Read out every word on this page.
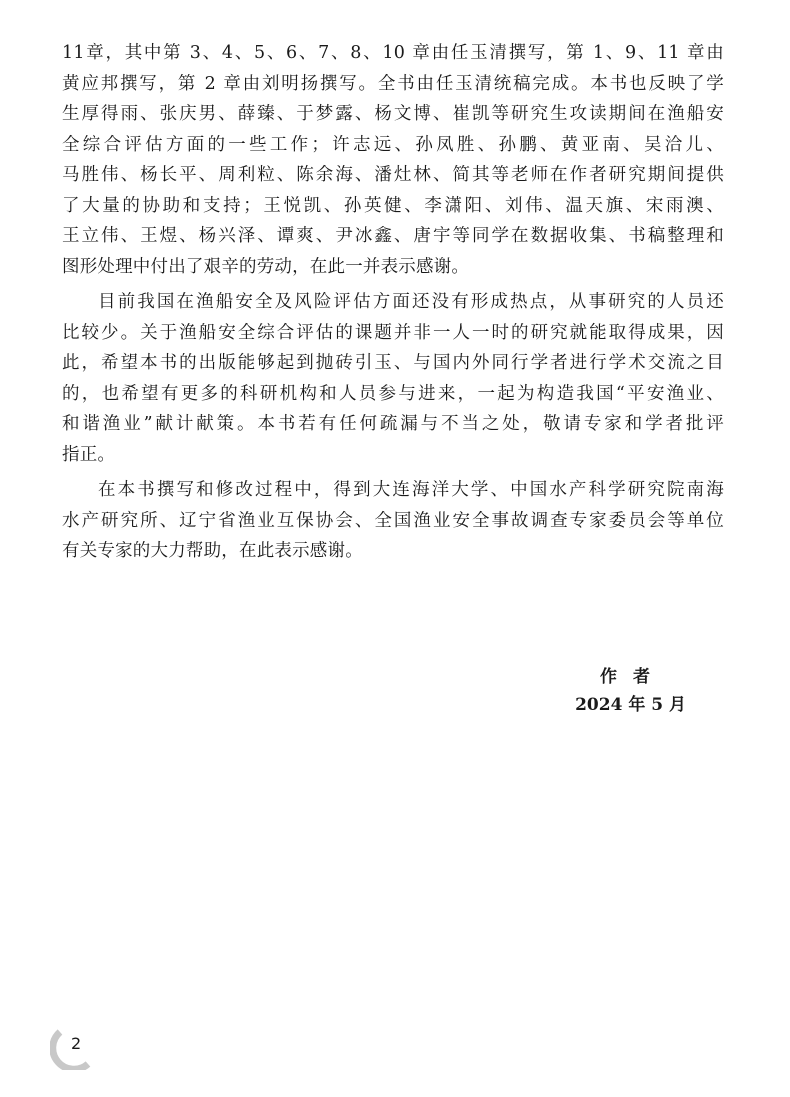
11章，其中第 3、4、5、6、7、8、10 章由任玉清撰写，第 1、9、11 章由
黄应邦撰写，第 2 章由刘明扬撰写。全书由任玉清统稿完成。本书也反映了学
生厚得雨、张庆男、薛臻、于梦露、杨文博、崔凯等研究生攻读期间在渔船安
全综合评估方面的一些工作；许志远、孙凤胜、孙鹏、黄亚南、吴洽儿、
马胜伟、杨长平、周利粒、陈余海、潘灶林、简其等老师在作者研究期间提供
了大量的协助和支持；王悦凯、孙英健、李潇阳、刘伟、温天旗、宋雨澳、
王立伟、王煜、杨兴泽、谭爽、尹冰鑫、唐宇等同学在数据收集、书稿整理和
图形处理中付出了艰辛的劳动，在此一并表示感谢。
目前我国在渔船安全及风险评估方面还没有形成热点，从事研究的人员还
比较少。关于渔船安全综合评估的课题并非一人一时的研究就能取得成果，因
此，希望本书的出版能够起到抛砖引玉、与国内外同行学者进行学术交流之目
的，也希望有更多的科研机构和人员参与进来，一起为构造我国“平安渔业、
和谐渔业”献计献策。本书若有任何疏漏与不当之处，敬请专家和学者批评
指正。
在本书撰写和修改过程中，得到大连海洋大学、中国水产科学研究院南海
水产研究所、辽宁省渔业互保协会、全国渔业安全事故调查专家委员会等单位
有关专家的大力帮助，在此表示感谢。
作者
2024 年 5 月
2
